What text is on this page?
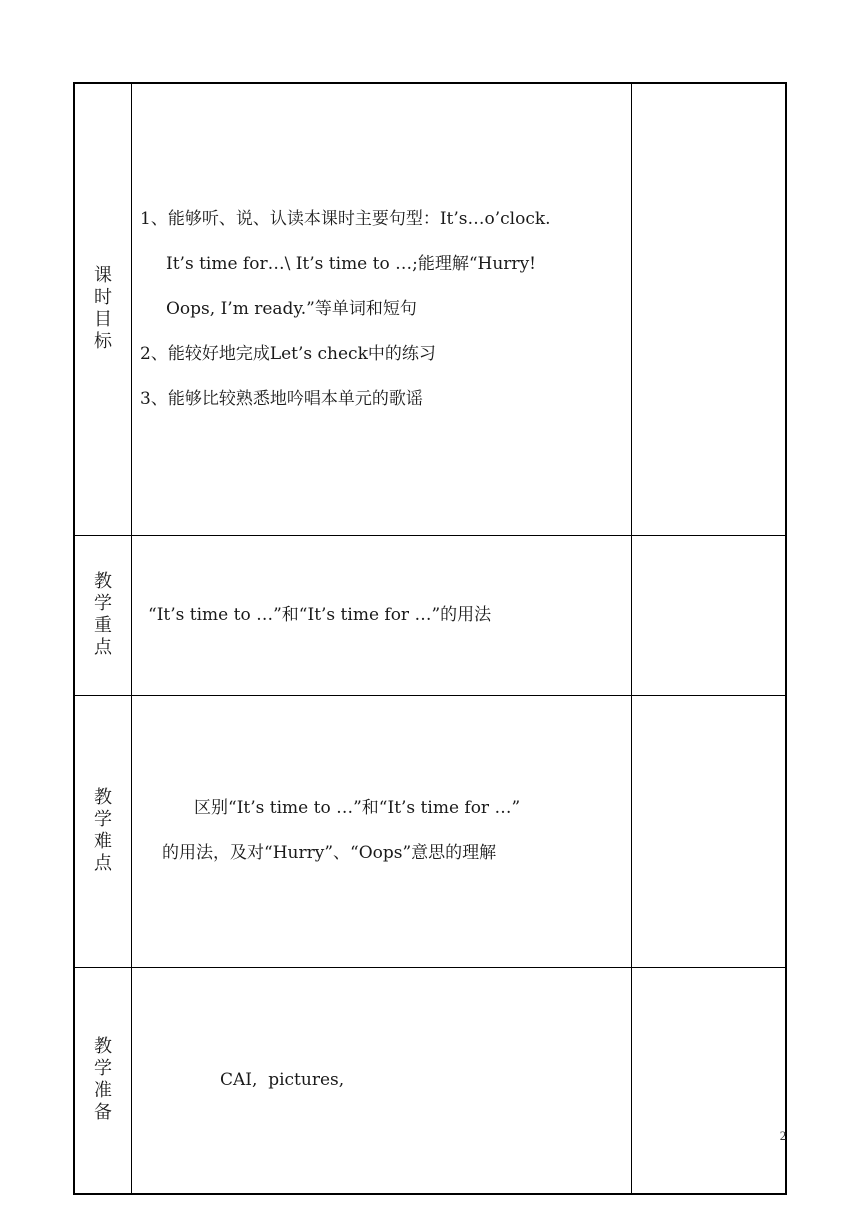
课时目标	1、能够听、说、认读本课时主要句型：It’s…o’clock.
It’s time for…\ It’s time to …;能理解“Hurry!
Oops, I’m ready.”等单词和短句
2、能较好地完成Let’s check中的练习
3、能够比较熟悉地吟唱本单元的歌谣	

教学重点	“It’s time to …”和“It’s time for …”的用法	

教学难点	区别“It’s time to …”和“It’s time for …”
的用法，及对“Hurry”、“Oops”意思的理解	

教学准备	CAI,  pictures,	

2
